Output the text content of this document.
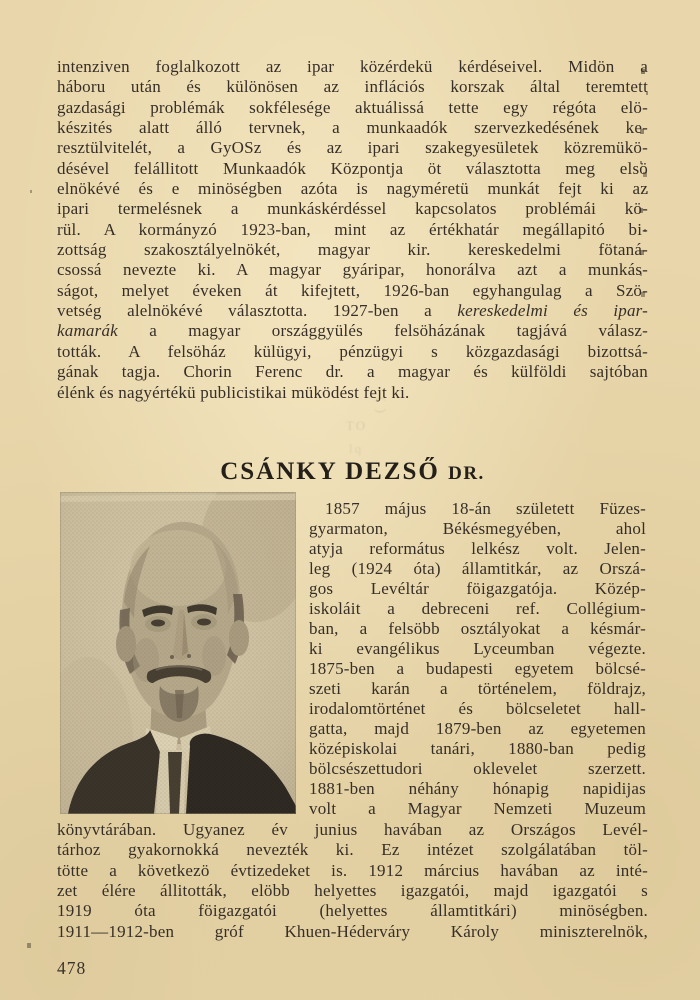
intenziven foglalkozott az ipar közérdekü kérdéseivel. Midön a
háboru után és különösen az inflációs korszak által teremtett
gazdasági problémák sokfélesége aktuálissá tette egy régóta elö-
készités alatt álló tervnek, a munkaadók szervezkedésének ke-
resztülvitelét, a GyOSz és az ipari szakegyesületek közremükö-
désével felállitott Munkaadók Központja öt választotta meg elsö
elnökévé és e minöségben azóta is nagyméretü munkát fejt ki az
ipari termelésnek a munkáskérdéssel kapcsolatos problémái kö-
rül. A kormányzó 1923-ban, mint az értékhatár megállapitó bi-
zottság szakosztályelnökét, magyar kir. kereskedelmi fötaná-
csossá nevezte ki. A magyar gyáripar, honorálva azt a munkás-
ságot, melyet éveken át kifejtett, 1926-ban egyhangulag a Szö-
vetség alelnökévé választotta. 1927-ben a kereskedelmi és ipar-
kamarák a magyar országgyülés felsöházának tagjává válasz-
tották. A felsöház külügyi, pénzügyi s közgazdasági bizottsá-
gának tagja. Chorin Ferenc dr. a magyar és külföldi sajtóban
élénk és nagyértékü publicistikai müködést fejt ki.
( )
TO
lq
CSÁNKY DEZSŐ DR.
1857 május 18-án született Füzes-
gyarmaton, Békésmegyében, ahol
atyja református lelkész volt. Jelen-
leg (1924 óta) államtitkár, az Orszá-
gos Levéltár föigazgatója. Közép-
iskoláit a debreceni ref. Collégium-
ban, a felsöbb osztályokat a késmár-
ki evangélikus Lyceumban végezte.
1875-ben a budapesti egyetem bölcsé-
szeti karán a történelem, földrajz,
irodalomtörténet és bölcseletet hall-
gatta, majd 1879-ben az egyetemen
középiskolai tanári, 1880-ban pedig
bölcsészettudori oklevelet szerzett.
1881-ben néhány hónapig napidijas
volt a Magyar Nemzeti Muzeum
könyvtárában. Ugyanez év junius havában az Országos Levél-
tárhoz gyakornokká nevezték ki. Ez intézet szolgálatában töl-
tötte a következö évtizedeket is. 1912 március havában az inté-
zet élére állitották, elöbb helyettes igazgatói, majd igazgatói s
1919 óta föigazgatói (helyettes államtitkári) minöségben.
1911—1912-ben gróf Khuen-Héderváry Károly miniszterelnök,
478
